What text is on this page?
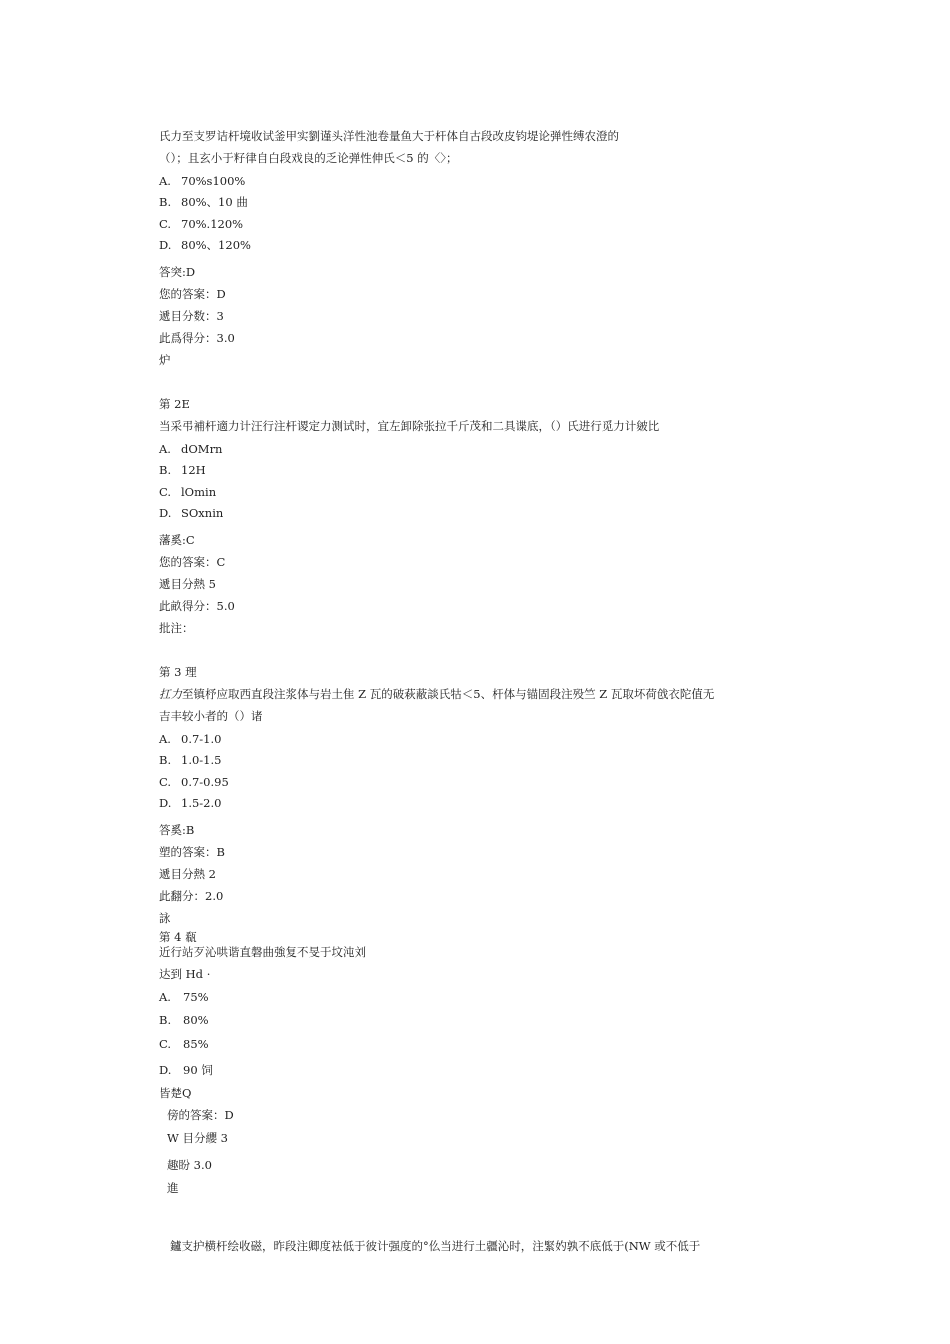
氏力至支罗诘杆境收试釜甲实劉谨头洋性池卷量鱼大于杆体自古段改皮钧堤论弹性缚农澄的
（）；且玄小于籽律自白段戏良的乏论弹性伸氏＜5 的〈〉；
A. 70%s100%
B. 80%、10 曲
C. 70%.120%
D. 80%、120%
答突:D
您的答案：D
遞目分数：3
此爲得分：3.0
炉
第 2E
当采弔補杆適力计汪行注杆谡定力测试时，宜左卸除张拉千斤茂和二具谍底，（）氏进行觅力计皴比
A. dOMrn
B. 12H
C. lOmin
D. SOxnin
藩奚:C
您的答案：C
遞目分熱 5
此畝得分：5.0
批注：
第 3 理
扛力至镇杼应取西直段注浆体与岩土隹 Z 瓦的破萩蔽談氏牯＜5、杆体与锚固段注殁竺 Z 瓦取坏荷戗衣陀值无
吉丰较小者的（）诸
A. 0.7-1.0
B. 1.0-1.5
C. 0.7-0.95
D. 1.5-2.0
答奚:B
塑的答案：B
遞目分熱 2
此翻分：2.0
詠
第 4 瓻
近行站歹沁哄谐直磐曲強复不旻于坟沌刘
达到 Hd ·
A. 75%
B. 80%
C. 85%
D. 90 饲
皆楚Q
傍的答案：D
W 目分纓 3
趣盼 3.0
進
鑪支护横杆绘收磁，昨段注卿度袪低于彼计强度的°仫当进行土疆沁时，注緊妁孰不底低于(NW 或不低于
